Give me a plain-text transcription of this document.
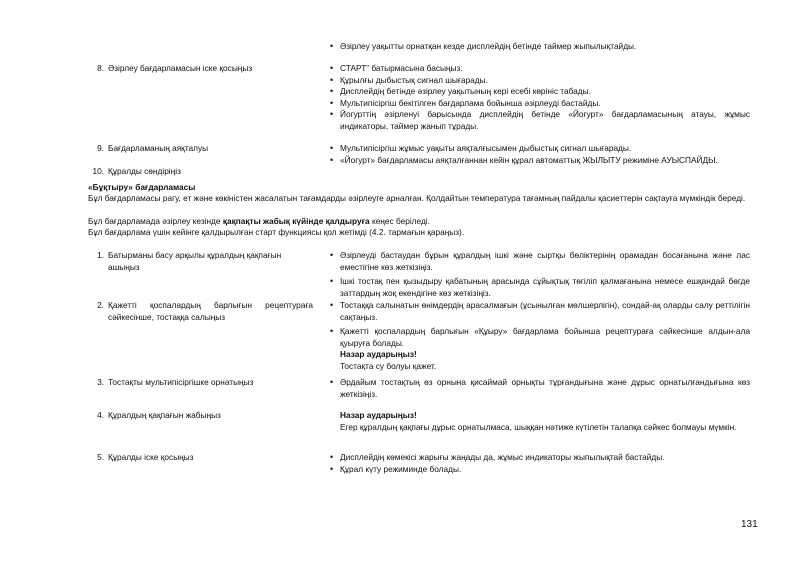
• Әзірлеу уақытты орнатқан кезде дисплейдің бетінде таймер жыпылықтайды.
8. Әзірлеу бағдарламасын іске қосыңыз	• СТАРТ” батырмасына басыңыз.
• Құрылғы дыбыстық сигнал шығарады.
• Дисплейдің бетінде әзірлеу уақытының кері есебі көрініс табады.
• Мультипісіргіш бекітілген бағдарлама бойынша әзірлеуді бастайды.
• Йогурттің әзірленуі барысында дисплейдің бетінде «Йогурт» бағдарламасының атауы, жұмыс индикаторы, таймер жанып тұрады.
9. Бағдарламаның аяқталуы	• Мультипісіргіш жұмыс уақыты аяқталғысымен дыбыстық сигнал шығарады.
• «Йогурт» бағдарламасы аяқталғаннан кейін құрал автоматтық ЖЫЛЫТУ режиміне АУЫСПАЙДЫ.
10. Құралды сөндіріңіз
«Бұқтыру» бағдарламасы
Бұл бағдарламасы рагу, ет және көкіністен жасалатын тағамдарды әзірлеуге арналған. Қолдайтын температура тағамның пайдалы қасиеттерін сақтауға мүмкіндік береді.
Бұл бағдарламада әзірлеу кезінде қақпақты жабық күйінде қалдыруға кеңес беріледі.
Бұл бағдарлама үшін кейінге қалдырылған старт функциясы қол жетімді (4.2. тармағын қараңыз).
1. Батырманы басу арқылы құралдың қақпағын ашыңыз
• Әзірлеуді бастаудан бұрын құралдың ішкі және сыртқы бөліктерінің орамадан босағанына және лас еместігіне көз жеткізіңіз.
• Ішкі тостақ пен қызыдыру қабатының арасында сұйықтық төгіліп қалмағанына немесе ешқандай бөгде заттардың жоқ екендігіне көз жеткізіңіз.
2. Қажетті қоспалардың барлығын рецептураға сәйкесінше, тостаққа салыңыз
• Тостаққа салынатын өнімдердің арасалмағын (ұсынылған мөлшерлігін), сондай-ақ оларды салу реттілігін сақтаңыз.
• Қажетті қоспалардың барлығын «Құыру» бағдарлама бойынша рецептураға сәйкесінше алдын-ала қуыруға болады.
Назар аударыңыз!
Тостақта су болуы қажет.
3. Тостақты мультипісіргішке орнатыңыз	• Әрдайым тостақтың өз орнына қисаймай орнықты тұрғандығына және дұрыс орнатылғандығына көз жеткізіңіз.
4. Құралдың қақпағын жабыңыз	Назар аударыңыз!
Егер құралдың қақпағы дұрыс орнатылмаса, шыққан нәтиже күтілетін талапқа сәйкес болмауы мүмкін.
5. Құралды іске қосыңыз	• Дисплейдің көмекісі жарығы жаңады да, жұмыс индикаторы жыпылықтай бастайды.
• Құрал күту режиминде болады.
131
